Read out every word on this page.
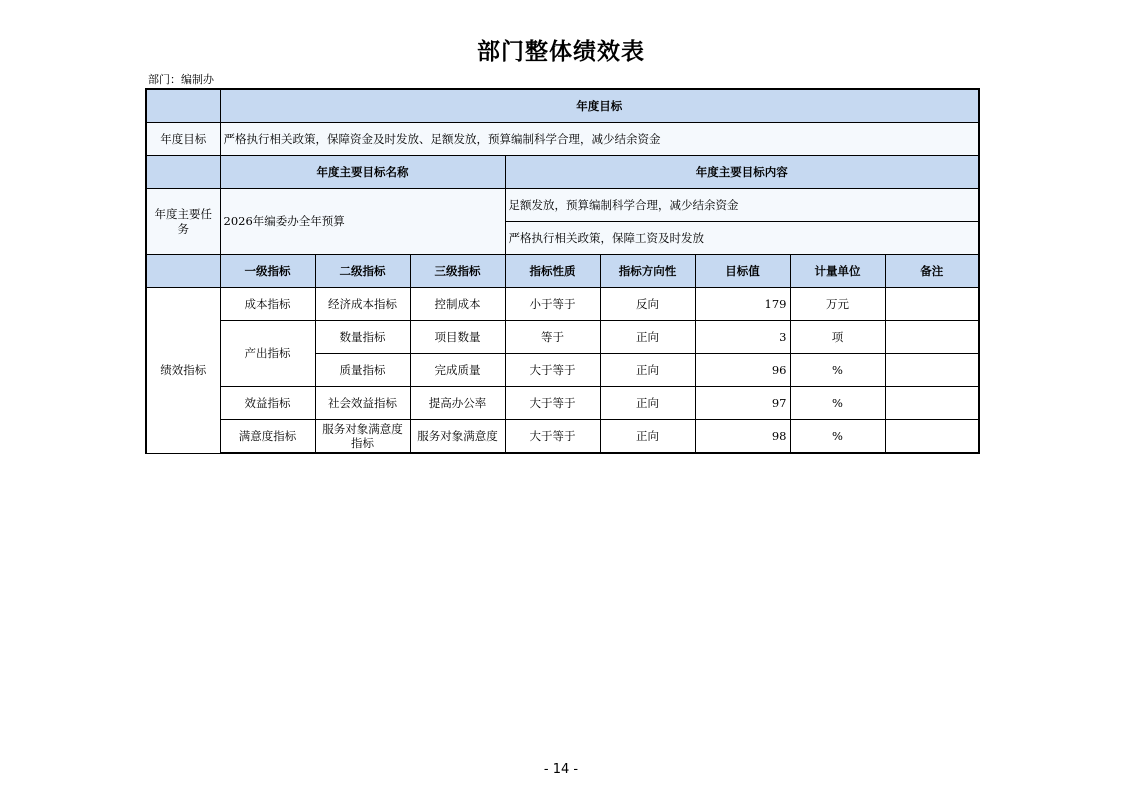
部门整体绩效表
部门：编制办
	年度目标							
年度目标	严格执行相关政策，保障资金及时发放、足额发放，预算编制科学合理，减少结余资金							
	年度主要目标名称			年度主要目标内容				
年度主要任务	2026年编委办全年预算			足额发放，预算编制科学合理，减少结余资金				
				严格执行相关政策，保障工资及时发放				
	一级指标	二级指标	三级指标	指标性质	指标方向性	目标值	计量单位	备注
绩效指标	成本指标	经济成本指标	控制成本	小于等于	反向	179	万元	
	产出指标	数量指标	项目数量	等于	正向	3	项	
		质量指标	完成质量	大于等于	正向	96	%	
	效益指标	社会效益指标	提高办公率	大于等于	正向	97	%	
	满意度指标	服务对象满意度指标	服务对象满意度	大于等于	正向	98	%	
- 14 -
